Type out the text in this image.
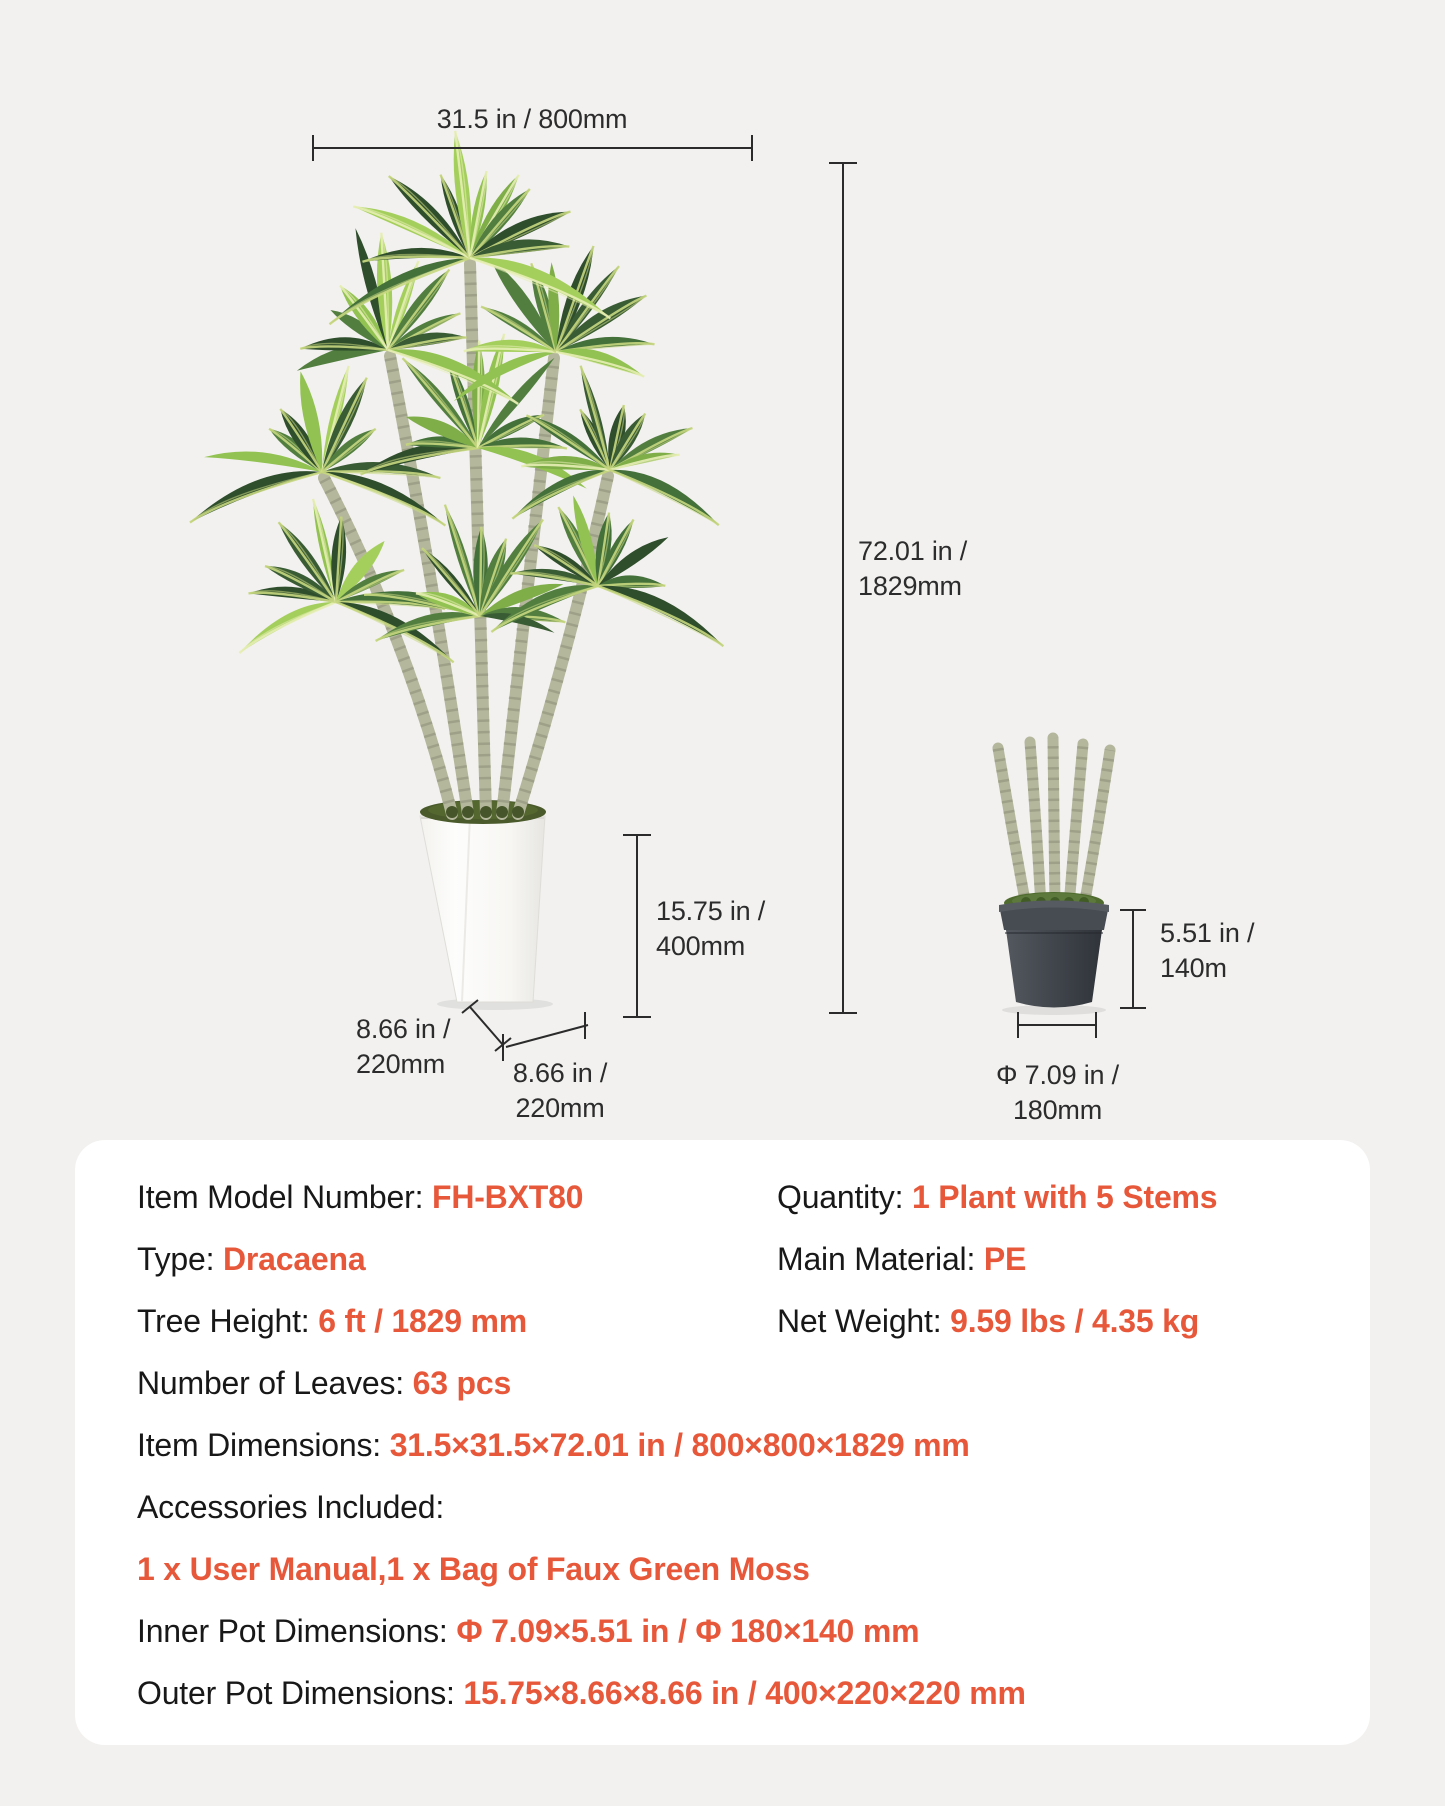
31.5 in / 800mm
72.01 in /
1829mm
15.75 in /
400mm
8.66 in /
220mm	8.66 in /
220mm
5.51 in /
140m
Φ 7.09 in /
180mm
Item Model Number: FH-BXT80	Quantity: 1 Plant with 5 Stems
Type: Dracaena	Main Material: PE
Tree Height: 6 ft / 1829 mm	Net Weight: 9.59 lbs / 4.35 kg
Number of Leaves: 63 pcs
Item Dimensions: 31.5×31.5×72.01 in / 800×800×1829 mm
Accessories Included:
1 x User Manual,1 x Bag of Faux Green Moss
Inner Pot Dimensions: Φ 7.09×5.51 in / Φ 180×140 mm
Outer Pot Dimensions: 15.75×8.66×8.66 in / 400×220×220 mm
